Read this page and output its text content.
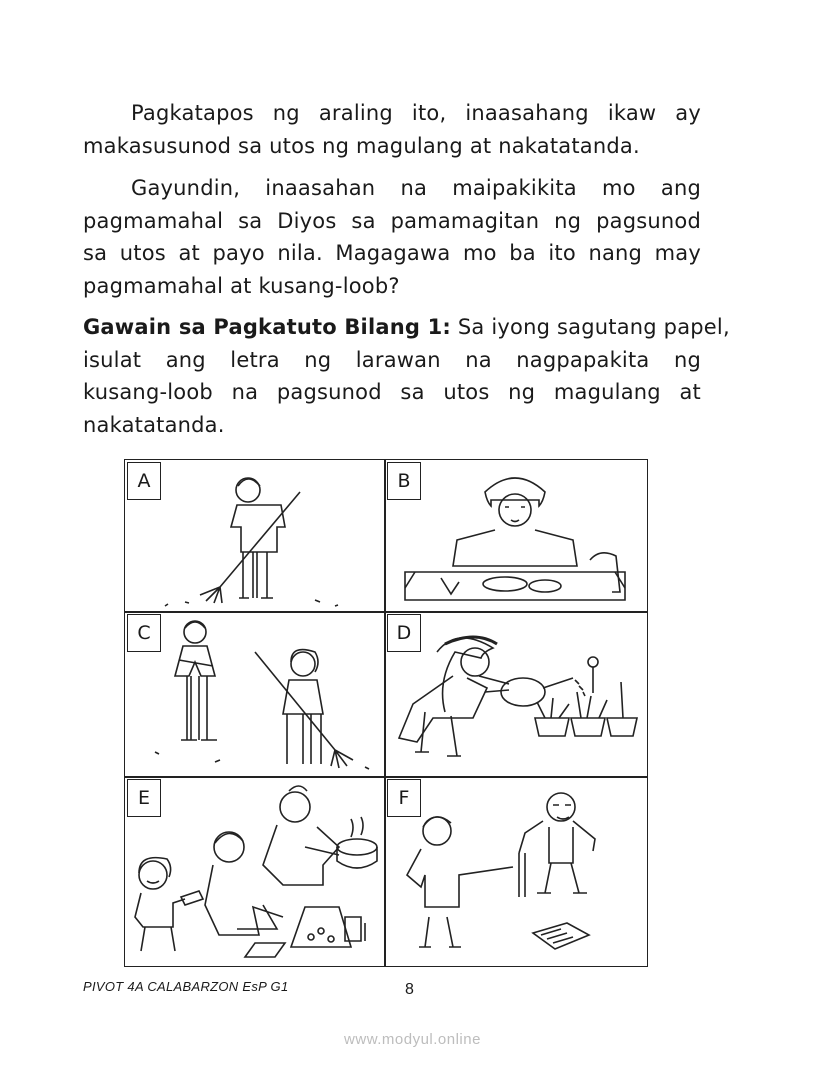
Pagkatapos ng araling ito, inaasahang ikaw ay
makasusunod sa utos ng magulang at nakatatanda.
Gayundin, inaasahan na maipakikita mo ang
pagmamahal sa Diyos sa pamamagitan ng pagsunod
sa utos at payo nila. Magagawa mo ba ito nang may
pagmamahal at kusang-loob?
Gawain sa Pagkatuto Bilang 1: Sa iyong sagutang papel,
isulat ang letra ng larawan na nagpapakita ng
kusang-loob na pagsunod sa utos ng magulang at
nakatatanda.
A	B
C	D
E	F
PIVOT 4A CALABARZON EsP G1	8
www.modyul.online
